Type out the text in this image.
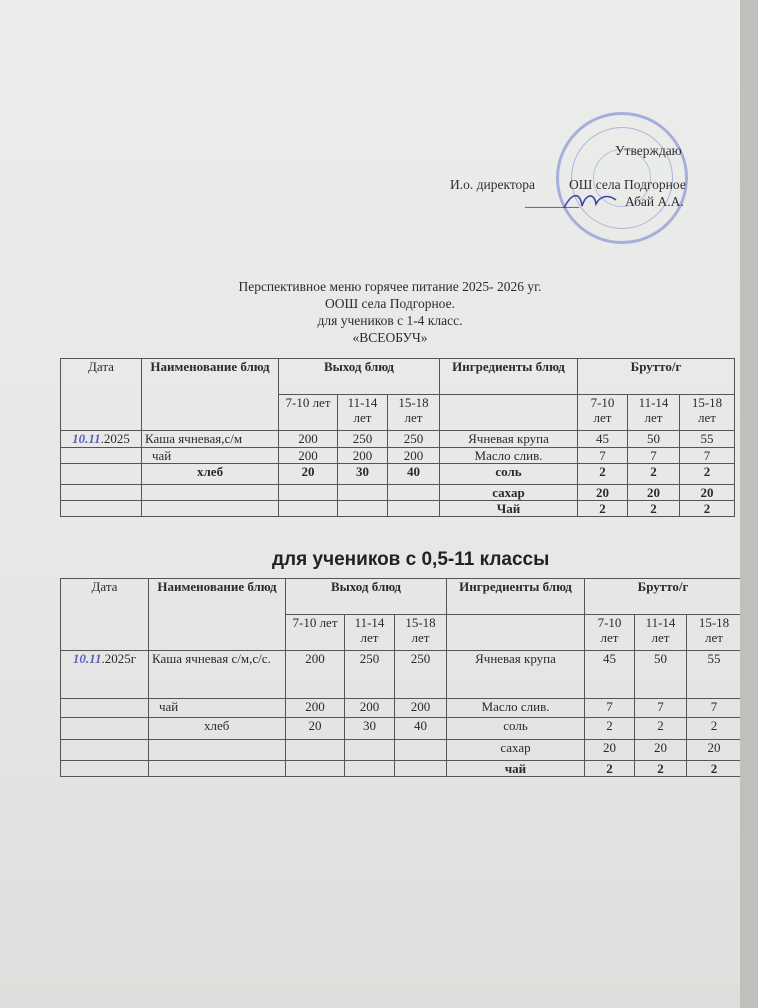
Утверждаю
И.о. директора	ОШ села Подгорное
________	Абай А.А.
Перспективное меню горячее питание 2025- 2026 уг.
ООШ села Подгорное.
для учеников с 1-4 класс.
«ВСЕОБУЧ»
Дата	Наименование блюд	Выход блюд			Ингредиенты блюд	Брутто/г		
		7-10 лет	11-14 лет	15-18 лет		7-10 лет	11-14 лет	15-18 лет
10.11.2025	Каша ячневая,с/м	200	250	250	Ячневая крупа	45	50	55
	чай	200	200	200	Масло слив.	7	7	7
	хлеб	20	30	40	соль	2	2	2
					сахар	20	20	20
					Чай	2	2	2
для учеников с 0,5-11 классы
Дата	Наименование блюд	Выход блюд			Ингредиенты блюд	Брутто/г		
		7-10 лет	11-14 лет	15-18 лет		7-10 лет	11-14 лет	15-18 лет
10.11.2025г	Каша ячневая с/м,с/с.	200	250	250	Ячневая крупа	45	50	55
	чай	200	200	200	Масло слив.	7	7	7
	хлеб	20	30	40	соль	2	2	2
					сахар	20	20	20
					чай	2	2	2
